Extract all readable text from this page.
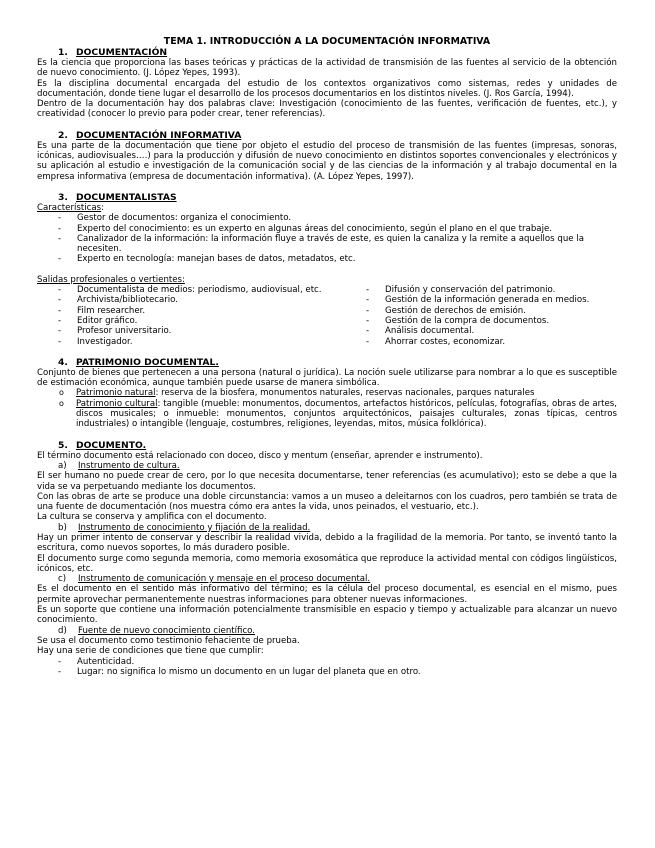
TEMA 1. INTRODUCCIÓN A LA DOCUMENTACIÓN INFORMATIVA
1. DOCUMENTACIÓN

Es la ciencia que proporciona las bases teóricas y prácticas de la actividad de transmisión de las fuentes al servicio de la obtención de nuevo conocimiento. (J. López Yepes, 1993).

Es la disciplina documental encargada del estudio de los contextos organizativos como sistemas, redes y unidades de documentación, donde tiene lugar el desarrollo de los procesos documentarios en los distintos niveles. (J. Ros García, 1994).

Dentro de la documentación hay dos palabras clave: Investigación (conocimiento de las fuentes, verificación de fuentes, etc.), y creatividad (conocer lo previo para poder crear, tener referencias).

2. DOCUMENTACIÓN INFORMATIVA

Es una parte de la documentación que tiene por objeto el estudio del proceso de transmisión de las fuentes (impresas, sonoras, icónicas, audiovisuales….) para la producción y difusión de nuevo conocimiento en distintos soportes convencionales y electrónicos y su aplicación al estudio e investigación de la comunicación social y de las ciencias de la información y al trabajo documental en la empresa informativa (empresa de documentación informativa). (A. López Yepes, 1997).

3. DOCUMENTALISTAS
Características:
- Gestor de documentos: organiza el conocimiento.
- Experto del conocimiento: es un experto en algunas áreas del conocimiento, según el plano en el que trabaje.
- Canalizador de la información: la información fluye a través de este, es quien la canaliza y la remite a aquellos que la necesiten.
- Experto en tecnología: manejan bases de datos, metadatos, etc.
Salidas profesionales o vertientes:
- Documentalista de medios: periodismo, audiovisual, etc.
- Archivista/bibliotecario.
- Film researcher.
- Editor gráfico.
- Profesor universitario.
- Investigador.
- Difusión y conservación del patrimonio.
- Gestión de la información generada en medios.
- Gestión de derechos de emisión.
- Gestión de la compra de documentos.
- Análisis documental.
- Ahorrar costes, economizar.
4. PATRIMONIO DOCUMENTAL.

Conjunto de bienes que pertenecen a una persona (natural o jurídica). La noción suele utilizarse para nombrar a lo que es susceptible de estimación económica, aunque también puede usarse de manera simbólica.

o Patrimonio natural: reserva de la biosfera, monumentos naturales, reservas nacionales, parques naturales
o Patrimonio cultural: tangible (mueble: monumentos, documentos, artefactos históricos, películas, fotografías, obras de artes, discos musicales; o inmueble: monumentos, conjuntos arquitectónicos, paisajes culturales, zonas típicas, centros industriales) o intangible (lenguaje, costumbres, religiones, leyendas, mitos, música folklórica).
5. DOCUMENTO.

El término documento está relacionado con doceo, disco y mentum (enseñar, aprender e instrumento).

a) Instrumento de cultura.

El ser humano no puede crear de cero, por lo que necesita documentarse, tener referencias (es acumulativo); esto se debe a que la vida se va perpetuando mediante los documentos.

Con las obras de arte se produce una doble circunstancia: vamos a un museo a deleitarnos con los cuadros, pero también se trata de una fuente de documentación (nos muestra cómo era antes la vida, unos peinados, el vestuario, etc.).

La cultura se conserva y amplifica con el documento.

b) Instrumento de conocimiento y fijación de la realidad.

Hay un primer intento de conservar y describir la realidad vivida, debido a la fragilidad de la memoria. Por tanto, se inventó tanto la escritura, como nuevos soportes, lo más duradero posible.

El documento surge como segunda memoria, como memoria exosomática que reproduce la actividad mental con códigos lingüísticos, icónicos, etc.

c) Instrumento de comunicación y mensaje en el proceso documental.

Es el documento en el sentido más informativo del término; es la célula del proceso documental, es esencial en el mismo, pues permite aprovechar permanentemente nuestras informaciones para obtener nuevas informaciones.

Es un soporte que contiene una información potencialmente transmisible en espacio y tiempo y actualizable para alcanzar un nuevo conocimiento.

d) Fuente de nuevo conocimiento científico.

Se usa el documento como testimonio fehaciente de prueba.

Hay una serie de condiciones que tiene que cumplir:

- Autenticidad.
- Lugar: no significa lo mismo un documento en un lugar del planeta que en otro.
